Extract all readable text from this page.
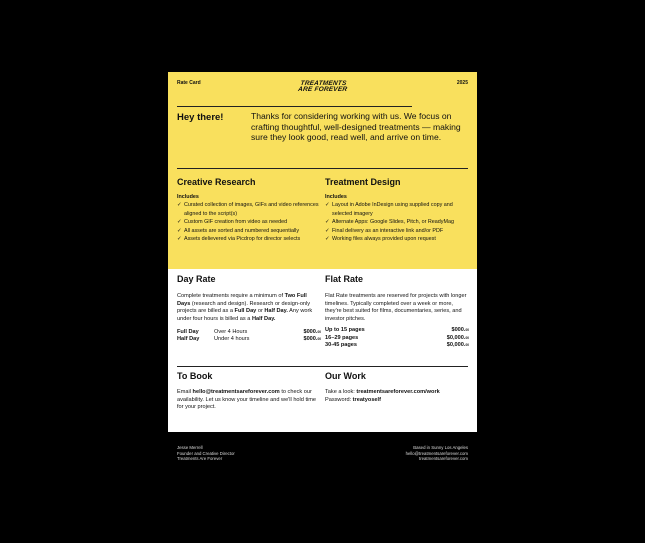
Rate Card	2025
TREATMENTS
ARE FOREVER
Hey there!	Thanks for considering working with us. We focus on crafting thoughtful, well-designed treatments — making sure they look good, read well, and arrive on time.
Creative Research
Includes
✓ Curated collection of images, GIFs and video references aligned to the script(s)
✓ Custom GIF creation from video as needed
✓ All assets are sorted and numbered sequentially
✓ Assets delievered via Picdrop for director selects
Treatment Design
Includes
✓ Layout in Adobe InDesign using supplied copy and selected imagery
✓ Alternate Apps: Google Slides, Pitch, or ReadyMag
✓ Final delivery as an interactive link and/or PDF
✓ Working files always provided upon request
Day Rate

Complete treatments require a minimum of Two Full Days (research and design). Research or design-only projects are billed as a Full Day or Half Day. Any work under four hours is billed as a Half Day.

Full Day	Over 4 Hours	$000.00
Half Day	Under 4 hours	$000.00
Flat Rate

Flat Rate treatments are reserved for projects with longer timelines. Typically completed over a week or more, they're best suited for films, documentaries, series, and investor pitches.

Up to 15 pages	$000.00
16–29 pages	$0,000.00
30-45 pages	$0,000.00
To Book

Email hello@treatmentsareforever.com to check our availability. Let us know your timeline and we'll hold time for your project.

Our Work

Take a look: treatmentsareforever.com/work
Password: treatyoself

Jesse Merrell
Founder and Creative Director
Treatments Are Forever
Based in Sunny Los Angeles
hello@treatmentsareforever.com
treatmentsareforever.com
